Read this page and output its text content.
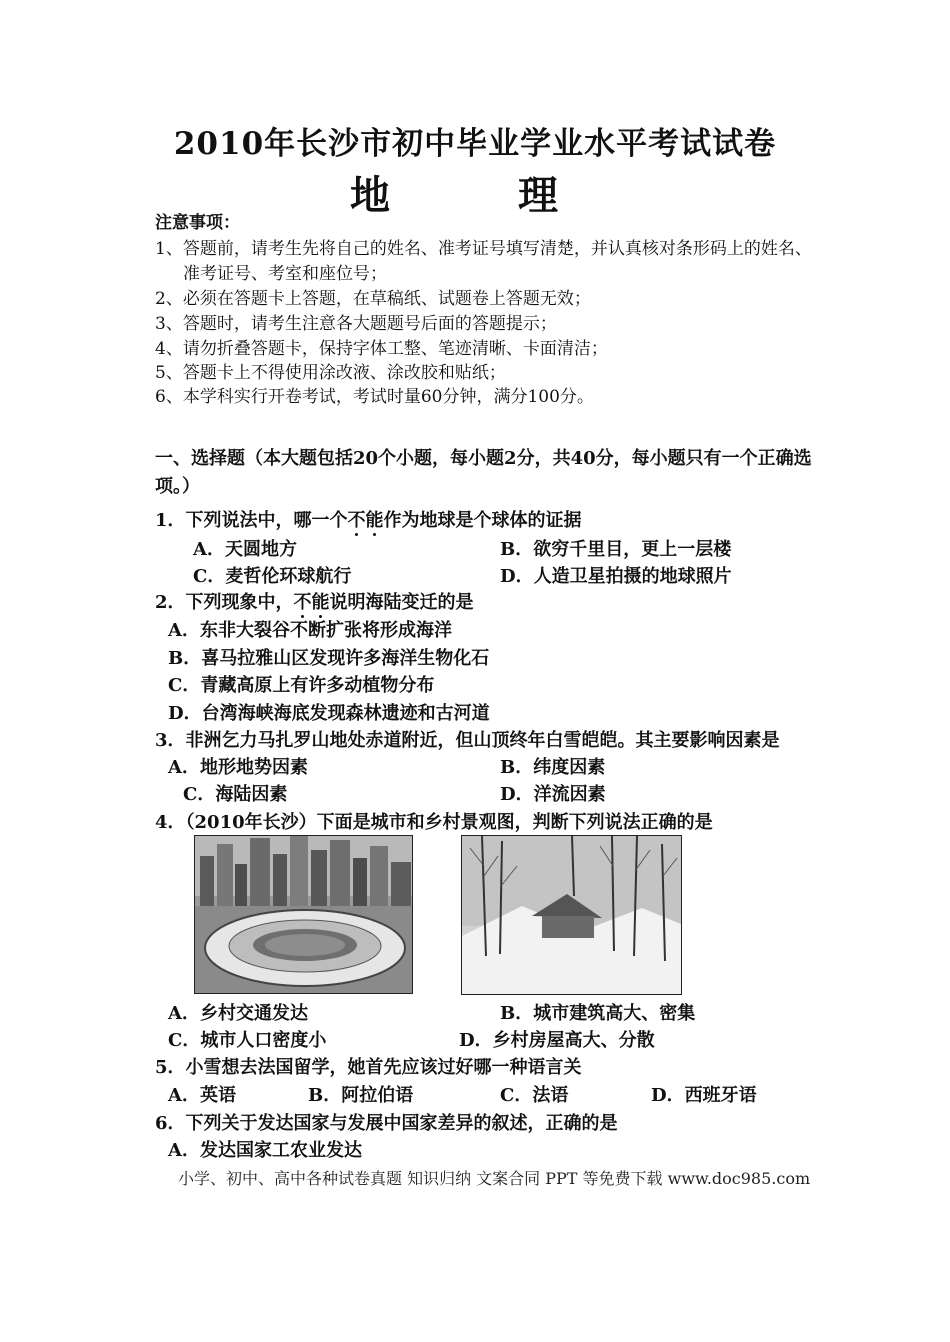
2010年长沙市初中毕业学业水平考试试卷
地 理
注意事项：
1、答题前，请考生先将自己的姓名、准考证号填写清楚，并认真核对条形码上的姓名、
准考证号、考室和座位号；
2、必须在答题卡上答题，在草稿纸、试题卷上答题无效；
3、答题时，请考生注意各大题题号后面的答题提示；
4、请勿折叠答题卡，保持字体工整、笔迹清晰、卡面清洁；
5、答题卡上不得使用涂改液、涂改胶和贴纸；
6、本学科实行开卷考试，考试时量60分钟，满分100分。
一、选择题（本大题包括20个小题，每小题2分，共40分，每小题只有一个正确选
项。）
1．下列说法中，哪一个不能作为地球是个球体的证据
A．天圆地方	B．欲穷千里目，更上一层楼
C．麦哲伦环球航行	D．人造卫星拍摄的地球照片
2．下列现象中，不能说明海陆变迁的是
A．东非大裂谷不断扩张将形成海洋
B．喜马拉雅山区发现许多海洋生物化石
C．青藏高原上有许多动植物分布
D．台湾海峡海底发现森林遗迹和古河道
3．非洲乞力马扎罗山地处赤道附近，但山顶终年白雪皑皑。其主要影响因素是
A．地形地势因素	B．纬度因素
C．海陆因素	D．洋流因素
4．（2010年长沙）下面是城市和乡村景观图，判断下列说法正确的是
A．乡村交通发达	B．城市建筑高大、密集
C．城市人口密度小	D．乡村房屋高大、分散
5．小雪想去法国留学，她首先应该过好哪一种语言关
A．英语	B．阿拉伯语	C．法语	D．西班牙语
6．下列关于发达国家与发展中国家差异的叙述，正确的是
A．发达国家工农业发达
小学、初中、高中各种试卷真题 知识归纳 文案合同 PPT 等免费下载 www.doc985.com
